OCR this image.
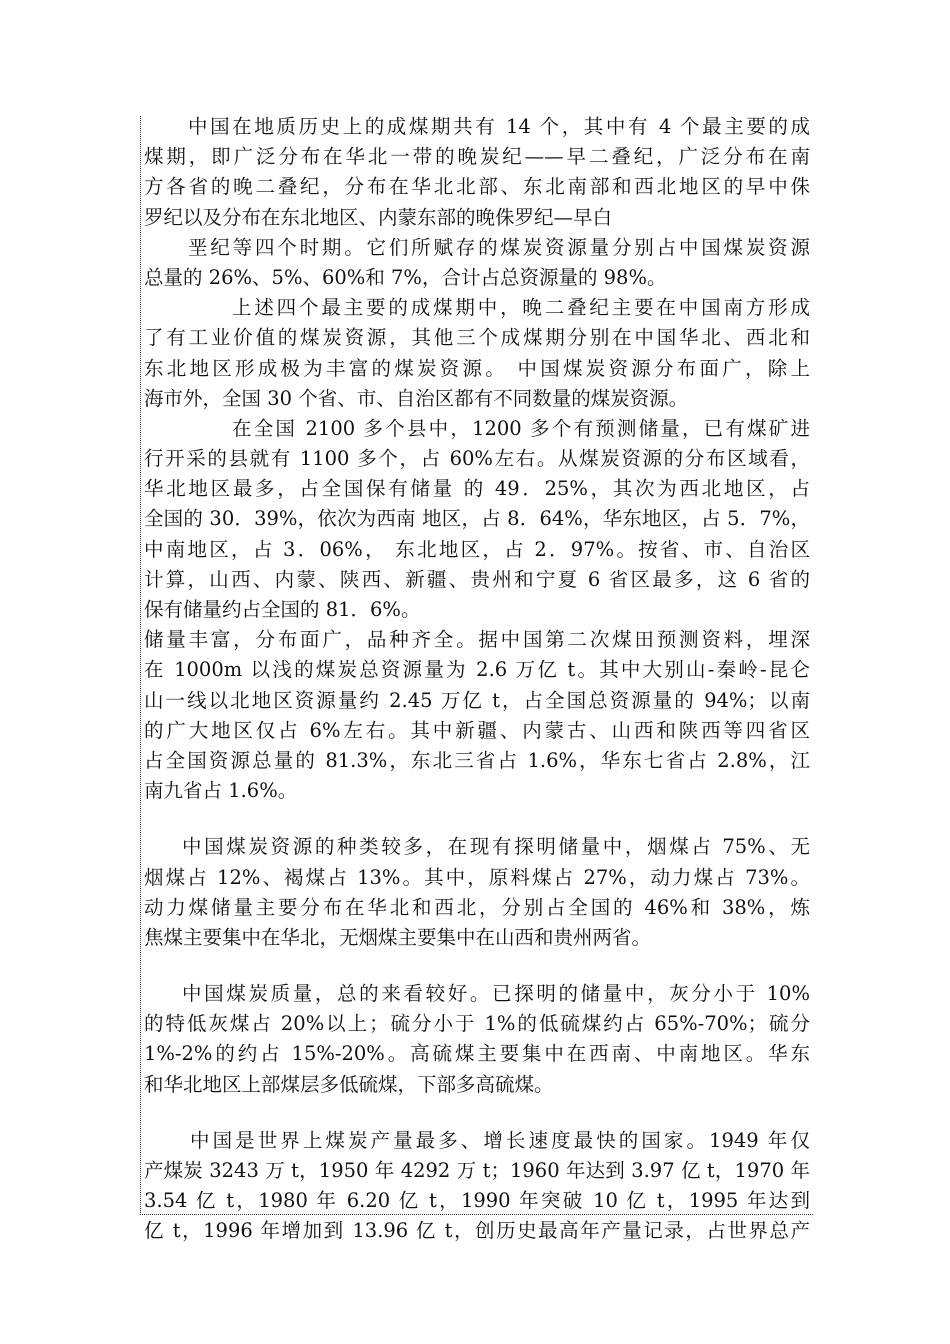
中国在地质历史上的成煤期共有 14 个，其中有 4 个最主要的成
煤期，即广泛分布在华北一带的晚炭纪——早二叠纪，广泛分布在南
方各省的晚二叠纪，分布在华北北部、东北南部和西北地区的早中侏
罗纪以及分布在东北地区、内蒙东部的晚侏罗纪—早白
垩纪等四个时期。它们所赋存的煤炭资源量分别占中国煤炭资源
总量的 26%、5%、60%和 7%，合计占总资源量的 98%。
上述四个最主要的成煤期中，晚二叠纪主要在中国南方形成
了有工业价值的煤炭资源，其他三个成煤期分别在中国华北、西北和
东北地区形成极为丰富的煤炭资源。 中国煤炭资源分布面广，除上
海市外，全国 30 个省、市、自治区都有不同数量的煤炭资源。
在全国 2100 多个县中，1200 多个有预测储量，已有煤矿进
行开采的县就有 1100 多个，占 60%左右。从煤炭资源的分布区域看，
华北地区最多，占全国保有储量 的 49．25%，其次为西北地区，占
全国的 30．39%，依次为西南 地区，占 8．64%，华东地区，占 5．7%，
中南地区，占 3．06%， 东北地区，占 2．97%。按省、市、自治区
计算，山西、内蒙、陕西、新疆、贵州和宁夏 6 省区最多，这 6 省的
保有储量约占全国的 81．6%。
储量丰富，分布面广，品种齐全。据中国第二次煤田预测资料，埋深
在 1000m 以浅的煤炭总资源量为 2.6 万亿 t。其中大别山-秦岭-昆仑
山一线以北地区资源量约 2.45 万亿 t，占全国总资源量的 94%；以南
的广大地区仅占 6%左右。其中新疆、内蒙古、山西和陕西等四省区
占全国资源总量的 81.3%，东北三省占 1.6%，华东七省占 2.8%，江
南九省占 1.6%。
中国煤炭资源的种类较多，在现有探明储量中，烟煤占 75%、无
烟煤占 12%、褐煤占 13%。其中，原料煤占 27%，动力煤占 73%。
动力煤储量主要分布在华北和西北，分别占全国的 46%和 38%，炼
焦煤主要集中在华北，无烟煤主要集中在山西和贵州两省。
中国煤炭质量，总的来看较好。已探明的储量中，灰分小于 10%
的特低灰煤占 20%以上；硫分小于 1%的低硫煤约占 65%-70%；硫分
1%-2%的约占 15%-20%。高硫煤主要集中在西南、中南地区。华东
和华北地区上部煤层多低硫煤，下部多高硫煤。
中国是世界上煤炭产量最多、增长速度最快的国家。1949 年仅
产煤炭 3243 万 t，1950 年 4292 万 t；1960 年达到 3.97 亿 t，1970 年
3.54 亿 t，1980 年 6.20 亿 t，1990 年突破 10 亿 t，1995 年达到
亿 t，1996 年增加到 13.96 亿 t，创历史最高年产量记录，占世界总产
